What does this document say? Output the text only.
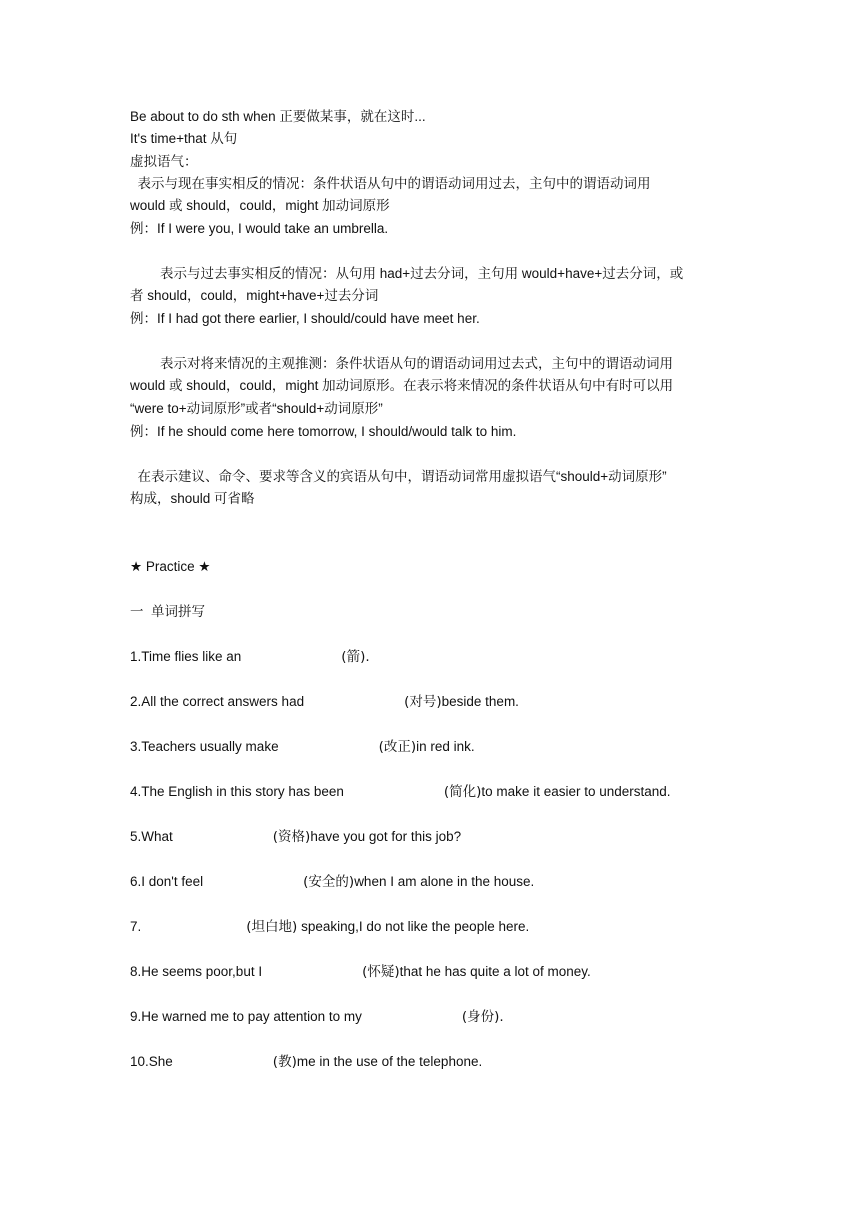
Be about to do sth when 正要做某事，就在这时...
It's time+that 从句
虚拟语气：
表示与现在事实相反的情况：条件状语从句中的谓语动词用过去，主句中的谓语动词用
would 或 should，could，might 加动词原形
例：If I were you, I would take an umbrella.
表示与过去事实相反的情况：从句用 had+过去分词，主句用 would+have+过去分词，或
者 should，could，might+have+过去分词
例：If I had got there earlier, I should/could have meet her.
表示对将来情况的主观推测：条件状语从句的谓语动词用过去式，主句中的谓语动词用
would 或 should，could，might 加动词原形。在表示将来情况的条件状语从句中有时可以用
“were to+动词原形”或者“should+动词原形”
例：If he should come here tomorrow, I should/would talk to him.
在表示建议、命令、要求等含义的宾语从句中，谓语动词常用虚拟语气“should+动词原形”
构成，should 可省略
★ Practice ★
一  单词拼写
1.Time flies like an	(箭).
2.All the correct answers had	(对号)beside them.
3.Teachers usually make	(改正)in red ink.
4.The English in this story has been	(简化)to make it easier to understand.
5.What	(资格)have you got for this job?
6.I don't feel	(安全的)when I am alone in the house.
7.	(坦白地) speaking,I do not like the people here.
8.He seems poor,but I	(怀疑)that he has quite a lot of money.
9.He warned me to pay attention to my	(身份).
10.She	(教)me in the use of the telephone.
